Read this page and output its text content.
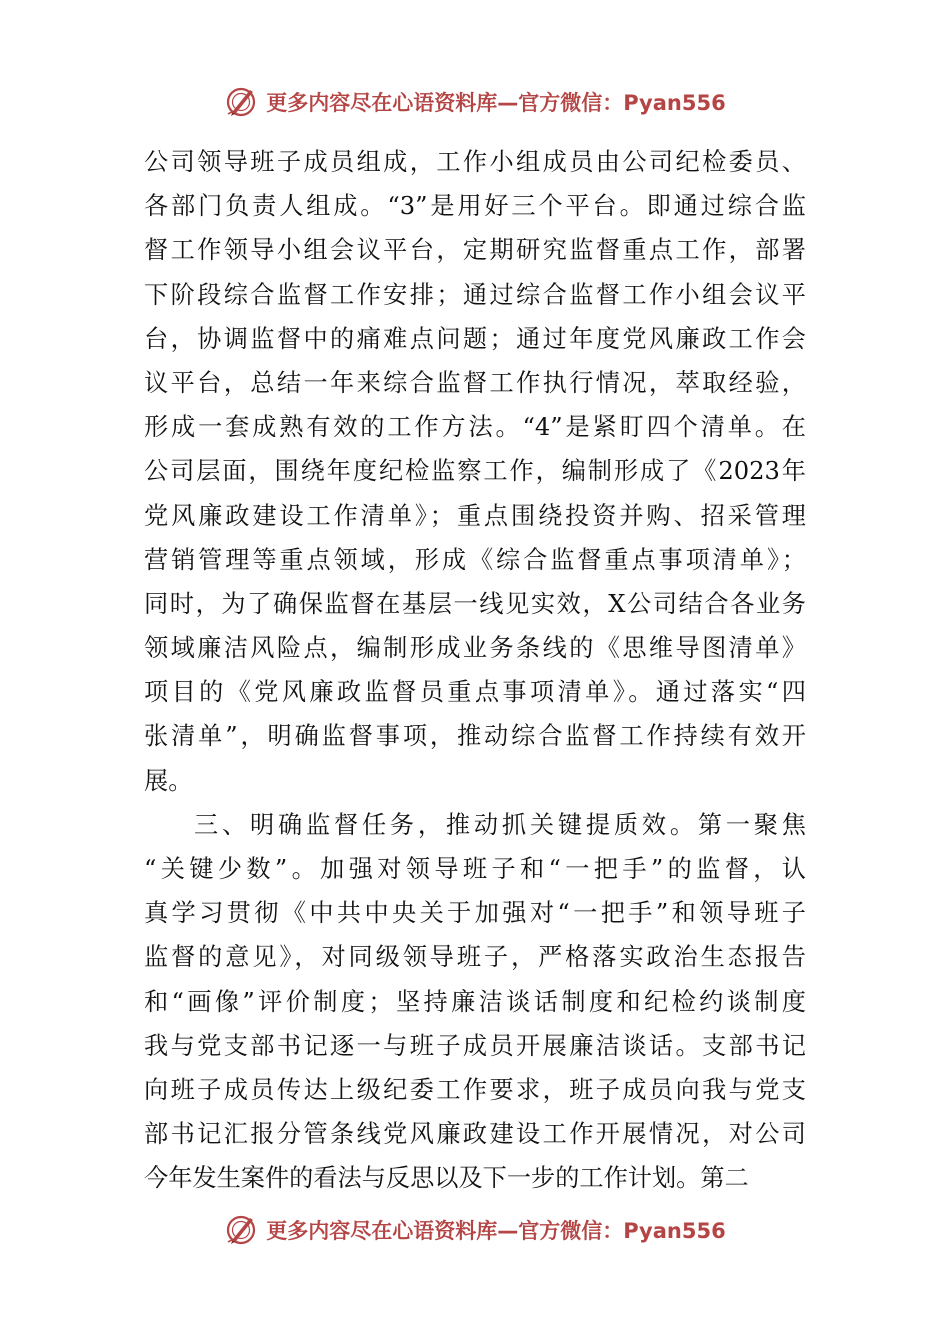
更多内容尽在心语资料库—官方微信：Pyan556
公司领导班子成员组成，工作小组成员由公司纪检委员、
各部门负责人组成。“3”是用好三个平台。即通过综合监
督工作领导小组会议平台，定期研究监督重点工作，部署
下阶段综合监督工作安排；通过综合监督工作小组会议平
台，协调监督中的痛难点问题；通过年度党风廉政工作会
议平台，总结一年来综合监督工作执行情况，萃取经验，
形成一套成熟有效的工作方法。“4”是紧盯四个清单。在
公司层面，围绕年度纪检监察工作，编制形成了《2023年
党风廉政建设工作清单》；重点围绕投资并购、招采管理
营销管理等重点领域，形成《综合监督重点事项清单》；
同时，为了确保监督在基层一线见实效，X公司结合各业务
领域廉洁风险点，编制形成业务条线的《思维导图清单》
项目的《党风廉政监督员重点事项清单》。通过落实“四
张清单”，明确监督事项，推动综合监督工作持续有效开
展。
三、明确监督任务，推动抓关键提质效。第一聚焦
“关键少数”。加强对领导班子和“一把手”的监督，认
真学习贯彻《中共中央关于加强对“一把手”和领导班子
监督的意见》，对同级领导班子，严格落实政治生态报告
和“画像”评价制度；坚持廉洁谈话制度和纪检约谈制度
我与党支部书记逐一与班子成员开展廉洁谈话。支部书记
向班子成员传达上级纪委工作要求，班子成员向我与党支
部书记汇报分管条线党风廉政建设工作开展情况，对公司
今年发生案件的看法与反思以及下一步的工作计划。第二
更多内容尽在心语资料库—官方微信：Pyan556
